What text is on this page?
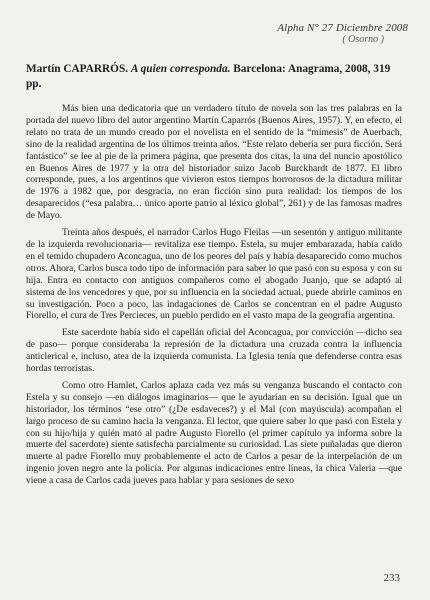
Alpha N° 27 Diciembre 2008
( Osorno )
Martín CAPARRÓS. A quien corresponda. Barcelona: Anagrama, 2008, 319 pp.

Más bien una dedicatoria que un verdadero título de novela son las tres palabras en la portada del nuevo libro del autor argentino Martín Caparrós (Buenos Aires, 1957). Y, en efecto, el relato no trata de un mundo creado por el novelista en el sentido de la “mímesis” de Auerbach, sino de la realidad argentina de los últimos treinta años. “Este relato debería ser pura ficción. Será fantástico” se lee al pie de la primera página, que presenta dos citas, la una del nuncio apostólico en Buenos Aires de 1977 y la otra del historiador suizo Jacob Burckhardt de 1877. El libro corresponde, pues, a los argentinos que vivieron estos tiempos horrorosos de la dictadura militar de 1976 a 1982 que, por desgracia, no eran ficción sino pura realidad: los tiempos de los desaparecidos (“esa palabra… único aporte patrio al léxico global”, 261) y de las famosas madres de Mayo.

Treinta años después, el narrador Carlos Hugo Fleilas —un sesentón y antiguo militante de la izquierda revolucionaria— revitaliza ese tiempo. Estela, su mujer embarazada, había caído en el temido chupadero Aconcagua, uno de los peores del país y había desaparecido como muchos otros. Ahora, Carlos busca todo tipo de información para saber lo que pasó con su esposa y con su hija. Entra en contacto con antiguos compañeros como el abogado Juanjo, que se adaptó al sistema de los vencedores y que, por su influencia en la sociedad actual, puede abrirle caminos en su investigación. Poco a poco, las indagaciones de Carlos se concentran en el padre Augusto Fiorello, el cura de Tres Percieces, un pueblo perdido en el vasto mapa de la geografía argentina.

Este sacerdote había sido el capellán oficial del Aconcagua, por convicción —dicho sea de paso— porque consideraba la represión de la dictadura una cruzada contra la influencia anticlerical e, incluso, atea de la izquierda comunista. La Iglesia tenía que defenderse contra esas hordas terroristas.

Como otro Hamlet, Carlos aplaza cada vez más su venganza buscando el contacto con Estela y su consejo —en diálogos imaginarios— que le ayudarían en su decisión. Igual que un historiador, los términos “ese otro” (¿De esdaveces?) y el Mal (con mayúscula) acompañan el largo proceso de su camino hacia la venganza. El lector, que quiere saber lo que pasó con Estela y con su hijo/hija y quién mató al padre Augusto Fiorello (el primer capítulo ya informa sobre la muerte del sacerdote) siente satisfecha parcialmente su curiosidad. Las siete puñaladas que dieron muerte al padre Fiorello muy probablemente el acto de Carlos a pesar de la interpelación de un ingenio joven negro ante la policía. Por algunas indicaciones entre líneas, la chica Valeria —que viene a casa de Carlos cada jueves para hablar y para sesiones de sexo

233
